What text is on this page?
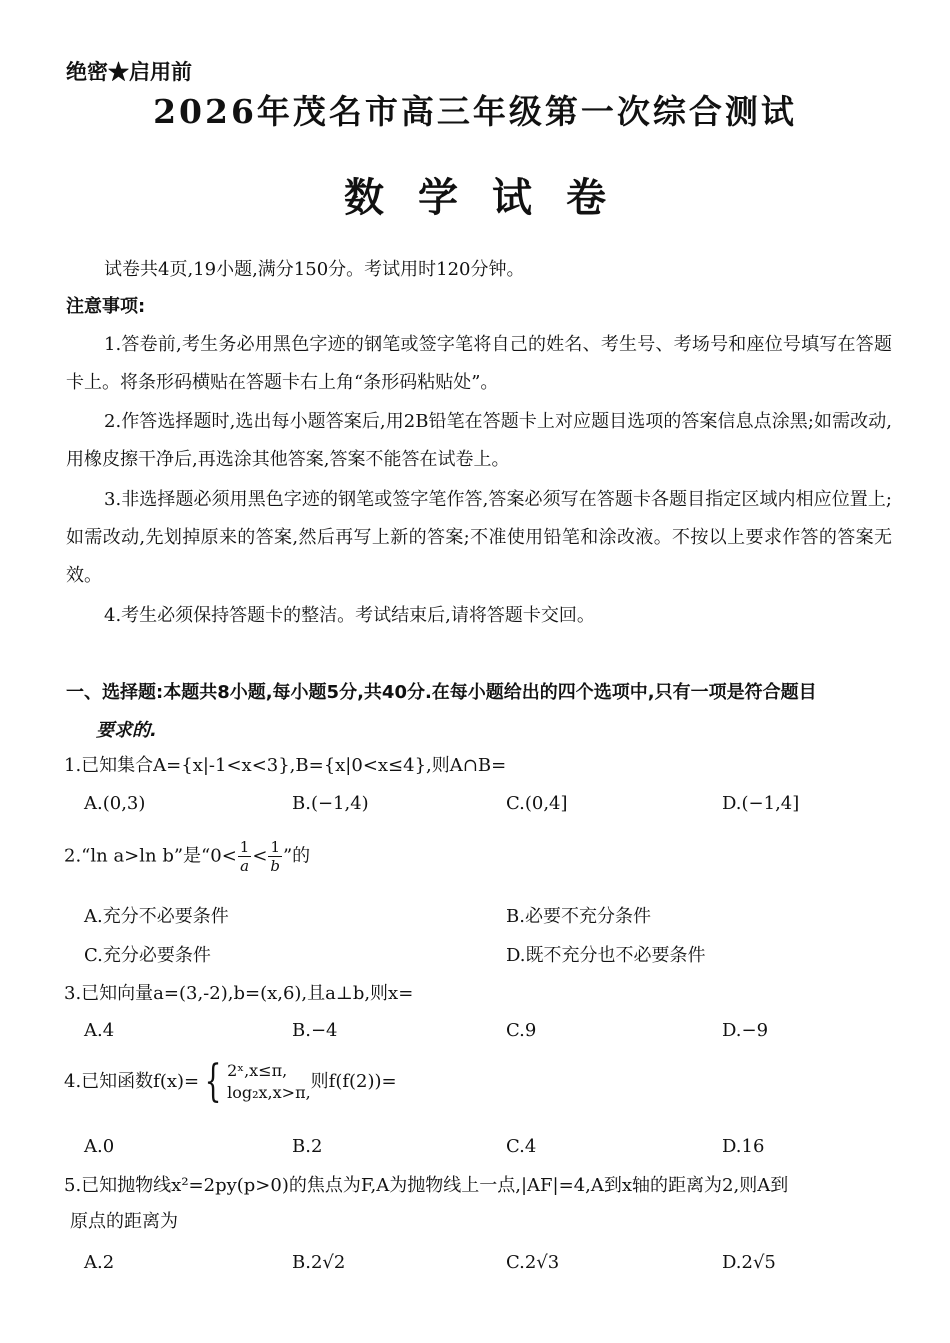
绝密★启用前
2026年茂名市高三年级第一次综合测试
数学试卷
试卷共4页,19小题,满分150分。考试用时120分钟。
注意事项:
1.答卷前,考生务必用黑色字迹的钢笔或签字笔将自己的姓名、考生号、考场号和座位号填写在答题卡上。将条形码横贴在答题卡右上角“条形码粘贴处”。
2.作答选择题时,选出每小题答案后,用2B铅笔在答题卡上对应题目选项的答案信息点涂黑;如需改动,用橡皮擦干净后,再选涂其他答案,答案不能答在试卷上。
3.非选择题必须用黑色字迹的钢笔或签字笔作答,答案必须写在答题卡各题目指定区域内相应位置上;如需改动,先划掉原来的答案,然后再写上新的答案;不准使用铅笔和涂改液。不按以上要求作答的答案无效。
4.考生必须保持答题卡的整洁。考试结束后,请将答题卡交回。
一、选择题:本题共8小题,每小题5分,共40分.在每小题给出的四个选项中,只有一项是符合题目
要求的.
1.已知集合A={x|-1<x<3},B={x|0<x≤4},则A∩B=
A.(0,3)	B.(−1,4)	C.(0,4]	D.(−1,4]
2.“ln a>ln b”是“$0< \frac{1}{a} < \frac{1}{b}$ ”的
A.充分不必要条件	B.必要不充分条件
C.充分必要条件	D.既不充分也不必要条件
3.已知向量a=(3,-2),b=(x,6),且a⊥b,则x=
A.4	B.−4	C.9	D.−9
4.已知函数f(x)= { 2ˣ,x≤π,
log₂x,x>π,
则f(f(2))=
A.0	B.2	C.4	D.16
5.已知抛物线x²=2py(p>0)的焦点为F,A为抛物线上一点,|AF|=4,A到x轴的距离为2,则A到
原点的距离为
A.2	B.2√2	C.2√3	D.2√5
